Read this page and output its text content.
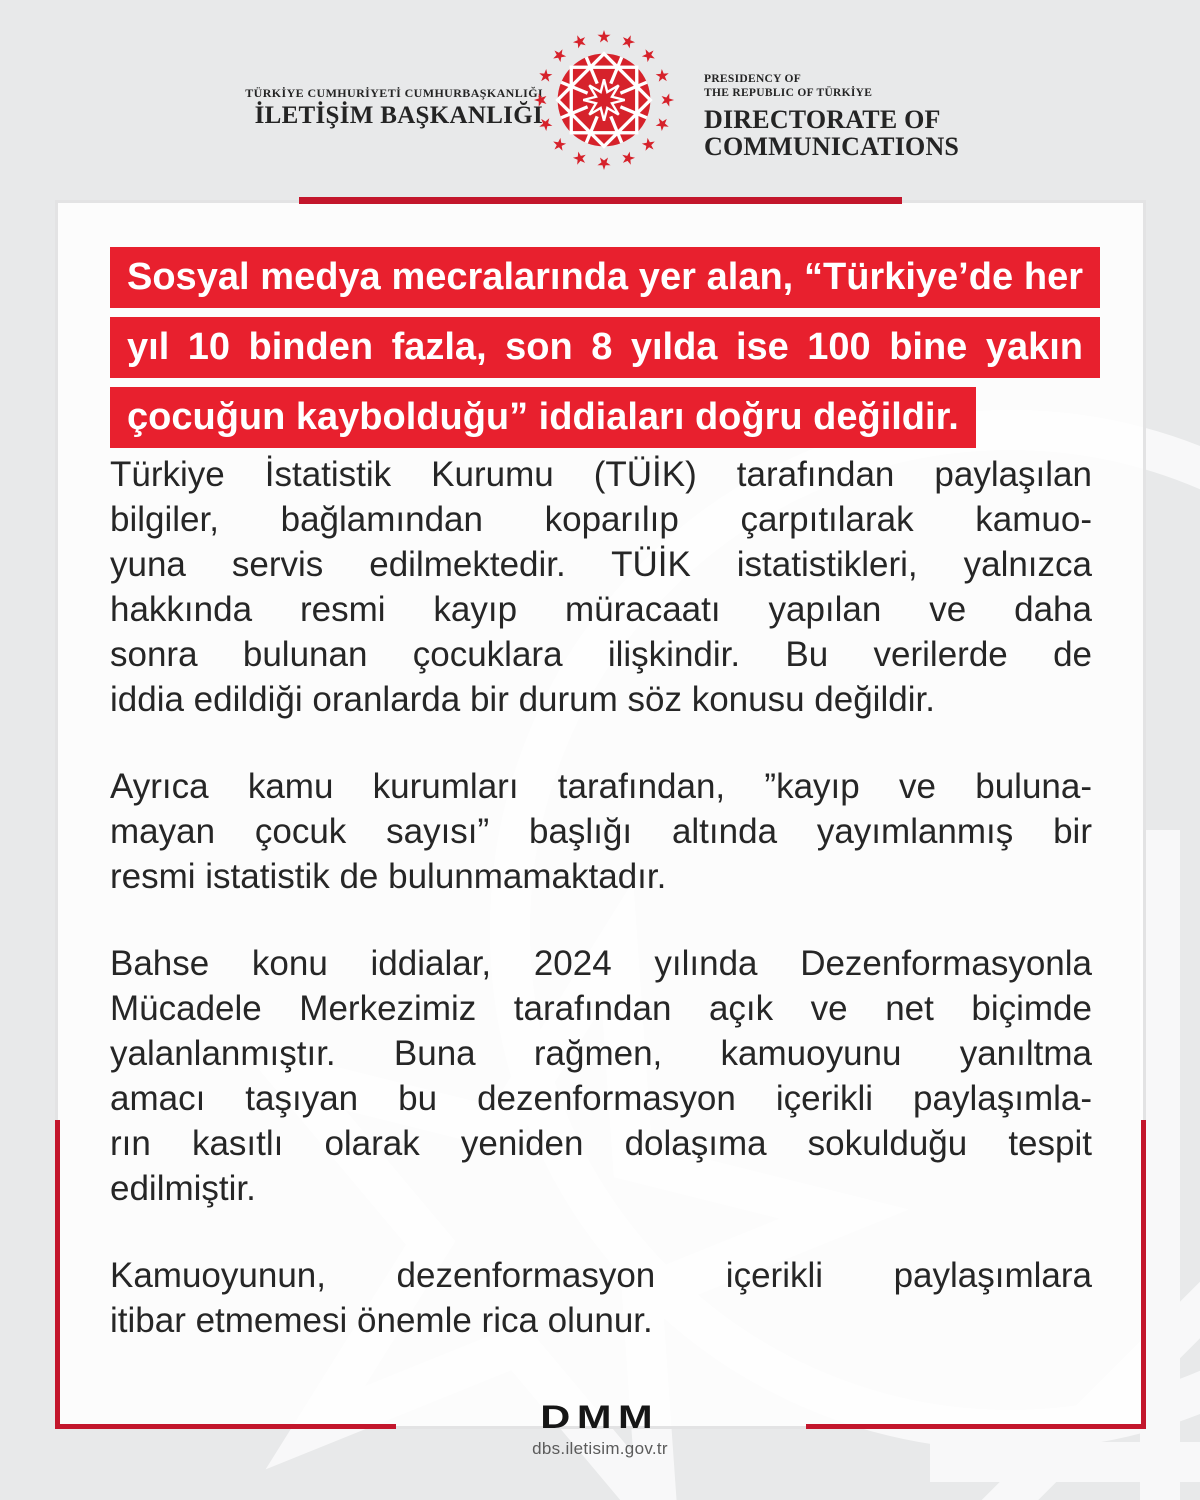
TÜRKİYE CUMHURİYETİ CUMHURBAŞKANLIĞI
İLETİŞİM BAŞKANLIĞI
PRESIDENCY OF
THE REPUBLIC OF TÜRKİYE
DIRECTORATE OF
COMMUNICATIONS
Sosyal medya mecralarında yer alan, “Türkiye’de her
yıl 10 binden fazla, son 8 yılda ise 100 bine yakın
çocuğun kaybolduğu” iddiaları doğru değildir.
Türkiye İstatistik Kurumu (TÜİK) tarafından paylaşılan
bilgiler, bağlamından koparılıp çarpıtılarak kamuo-
yuna servis edilmektedir. TÜİK istatistikleri, yalnızca
hakkında resmi kayıp müracaatı yapılan ve daha
sonra bulunan çocuklara ilişkindir. Bu verilerde de
iddia edildiği oranlarda bir durum söz konusu değildir.
Ayrıca kamu kurumları tarafından, ”kayıp ve buluna-
mayan çocuk sayısı” başlığı altında yayımlanmış bir
resmi istatistik de bulunmamaktadır.
Bahse konu iddialar, 2024 yılında Dezenformasyonla
Mücadele Merkezimiz tarafından açık ve net biçimde
yalanlanmıştır. Buna rağmen, kamuoyunu yanıltma
amacı taşıyan bu dezenformasyon içerikli paylaşımla-
rın kasıtlı olarak yeniden dolaşıma sokulduğu tespit
edilmiştir.
Kamuoyunun, dezenformasyon içerikli paylaşımlara
itibar etmemesi önemle rica olunur.
DMM
dbs.iletisim.gov.tr
